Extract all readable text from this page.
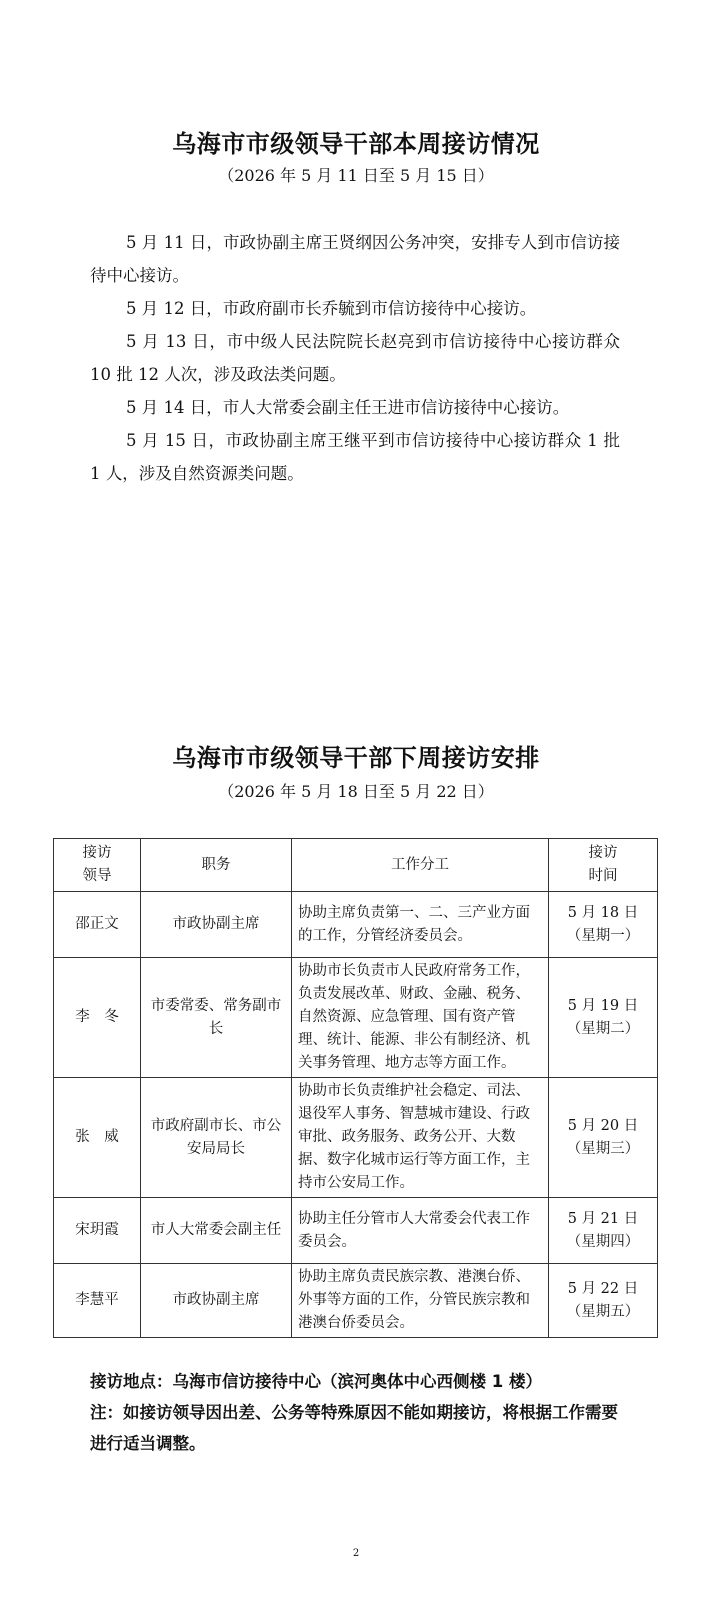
乌海市市级领导干部本周接访情况
（2026 年 5 月 11 日至 5 月 15 日）

5 月 11 日，市政协副主席王贤纲因公务冲突，安排专人到市信访接待中心接访。

5 月 12 日，市政府副市长乔毓到市信访接待中心接访。

5 月 13 日，市中级人民法院院长赵亮到市信访接待中心接访群众 10 批 12 人次，涉及政法类问题。

5 月 14 日，市人大常委会副主任王进市信访接待中心接访。

5 月 15 日，市政协副主席王继平到市信访接待中心接访群众 1 批 1 人，涉及自然资源类问题。

乌海市市级领导干部下周接访安排
（2026 年 5 月 18 日至 5 月 22 日）
接访
领导	职务	工作分工	接访
时间

邵正文	市政协副主席	协助主席负责第一、二、三产业方面的工作，分管经济委员会。	5 月 18 日
（星期一）

李　冬	市委常委、常务副市长	协助市长负责市人民政府常务工作，负责发展改革、财政、金融、税务、自然资源、应急管理、国有资产管理、统计、能源、非公有制经济、机关事务管理、地方志等方面工作。	5 月 19 日
（星期二）

张　威	市政府副市长、市公安局局长	协助市长负责维护社会稳定、司法、退役军人事务、智慧城市建设、行政审批、政务服务、政务公开、大数据、数字化城市运行等方面工作，主持市公安局工作。	5 月 20 日
（星期三）

宋玥霞	市人大常委会副主任	协助主任分管市人大常委会代表工作委员会。	5 月 21 日
（星期四）

李慧平	市政协副主席	协助主席负责民族宗教、港澳台侨、外事等方面的工作，分管民族宗教和港澳台侨委员会。	5 月 22 日
（星期五）
接访地点：乌海市信访接待中心（滨河奥体中心西侧楼 1 楼）
注：如接访领导因出差、公务等特殊原因不能如期接访，将根据工作需要进行适当调整。
2
